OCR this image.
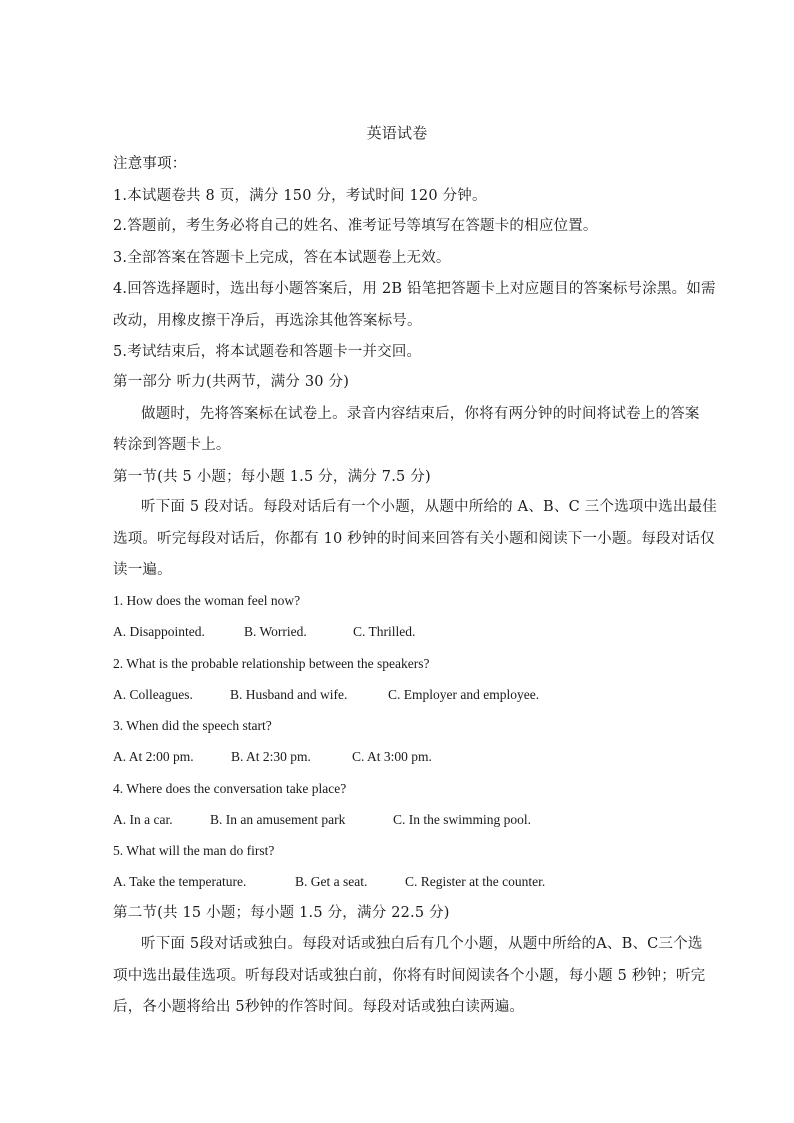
英语试卷
注意事项：
1.本试题卷共 8 页，满分 150 分，考试时间 120 分钟。
2.答题前，考生务必将自己的姓名、准考证号等填写在答题卡的相应位置。
3.全部答案在答题卡上完成，答在本试题卷上无效。
4.回答选择题时，选出每小题答案后，用 2B 铅笔把答题卡上对应题目的答案标号涂黑。如需
改动，用橡皮擦干净后，再选涂其他答案标号。
5.考试结束后，将本试题卷和答题卡一并交回。
第一部分 听力(共两节，满分 30 分)
做题时，先将答案标在试卷上。录音内容结束后，你将有两分钟的时间将试卷上的答案
转涂到答题卡上。
第一节(共 5 小题；每小题 1.5 分，满分 7.5 分)
听下面 5 段对话。每段对话后有一个小题，从题中所给的 A、B、C 三个选项中选出最佳
选项。听完每段对话后，你都有 10 秒钟的时间来回答有关小题和阅读下一小题。每段对话仅
读一遍。
1. How does the woman feel now?
A. Disappointed.	B. Worried.	C. Thrilled.
2. What is the probable relationship between the speakers?
A. Colleagues.	B. Husband and wife.	C. Employer and employee.
3. When did the speech start?
A. At 2:00 pm.	B. At 2:30 pm.	C. At 3:00 pm.
4. Where does the conversation take place?
A. In a car.	B. In an amusement park	C. In the swimming pool.
5. What will the man do first?
A. Take the temperature.	B. Get a seat.	C. Register at the counter.
第二节(共 15 小题；每小题 1.5 分，满分 22.5 分)
听下面 5段对话或独白。每段对话或独白后有几个小题，从题中所给的A、B、C三个选
项中选出最佳选项。听每段对话或独白前，你将有时间阅读各个小题，每小题 5 秒钟；听完
后，各小题将给出 5秒钟的作答时间。每段对话或独白读两遍。
